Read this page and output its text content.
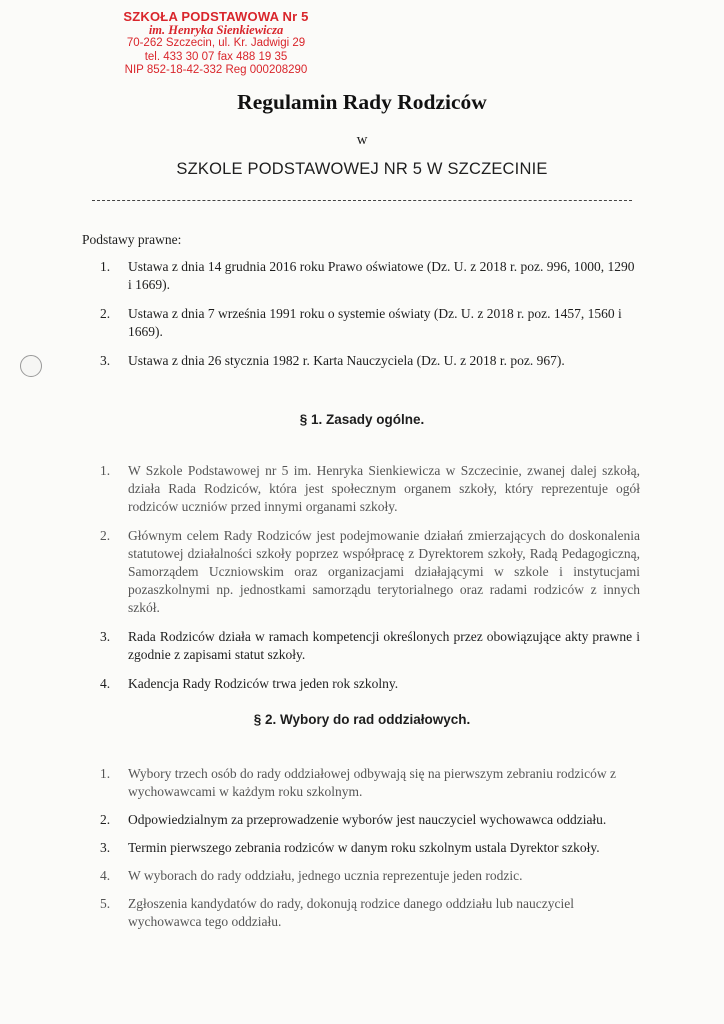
SZKOŁA PODSTAWOWA Nr 5
im. Henryka Sienkiewicza
70-262 Szczecin, ul. Kr. Jadwigi 29
tel. 433 30 07 fax 488 19 35
NIP 852-18-42-332 Reg 000208290
Regulamin Rady Rodziców
w
SZKOLE PODSTAWOWEJ NR 5 W SZCZECINIE
Podstawy prawne:
1. Ustawa z dnia 14 grudnia 2016 roku Prawo oświatowe (Dz. U. z 2018 r. poz. 996, 1000, 1290 i 1669).
2. Ustawa z dnia 7 września 1991 roku o systemie oświaty (Dz. U. z 2018 r. poz. 1457, 1560 i 1669).
3. Ustawa z dnia 26 stycznia 1982 r. Karta Nauczyciela (Dz. U. z 2018 r. poz. 967).
§ 1. Zasady ogólne.
1. W Szkole Podstawowej nr 5 im. Henryka Sienkiewicza w Szczecinie, zwanej dalej szkołą, działa Rada Rodziców, która jest społecznym organem szkoły, który reprezentuje ogół rodziców uczniów przed innymi organami szkoły.
2. Głównym celem Rady Rodziców jest podejmowanie działań zmierzających do doskonalenia statutowej działalności szkoły poprzez współpracę z Dyrektorem szkoły, Radą Pedagogiczną, Samorządem Uczniowskim oraz organizacjami działającymi w szkole i instytucjami pozaszkolnymi np. jednostkami samorządu terytorialnego oraz radami rodziców z innych szkół.
3. Rada Rodziców działa w ramach kompetencji określonych przez obowiązujące akty prawne i zgodnie z zapisami statut szkoły.
4. Kadencja Rady Rodziców trwa jeden rok szkolny.
§ 2. Wybory do rad oddziałowych.
1. Wybory trzech osób do rady oddziałowej odbywają się na pierwszym zebraniu rodziców z wychowawcami w każdym roku szkolnym.
2. Odpowiedzialnym za przeprowadzenie wyborów jest nauczyciel wychowawca oddziału.
3. Termin pierwszego zebrania rodziców w danym roku szkolnym ustala Dyrektor szkoły.
4. W wyborach do rady oddziału, jednego ucznia reprezentuje jeden rodzic.
5. Zgłoszenia kandydatów do rady, dokonują rodzice danego oddziału lub nauczyciel wychowawca tego oddziału.
